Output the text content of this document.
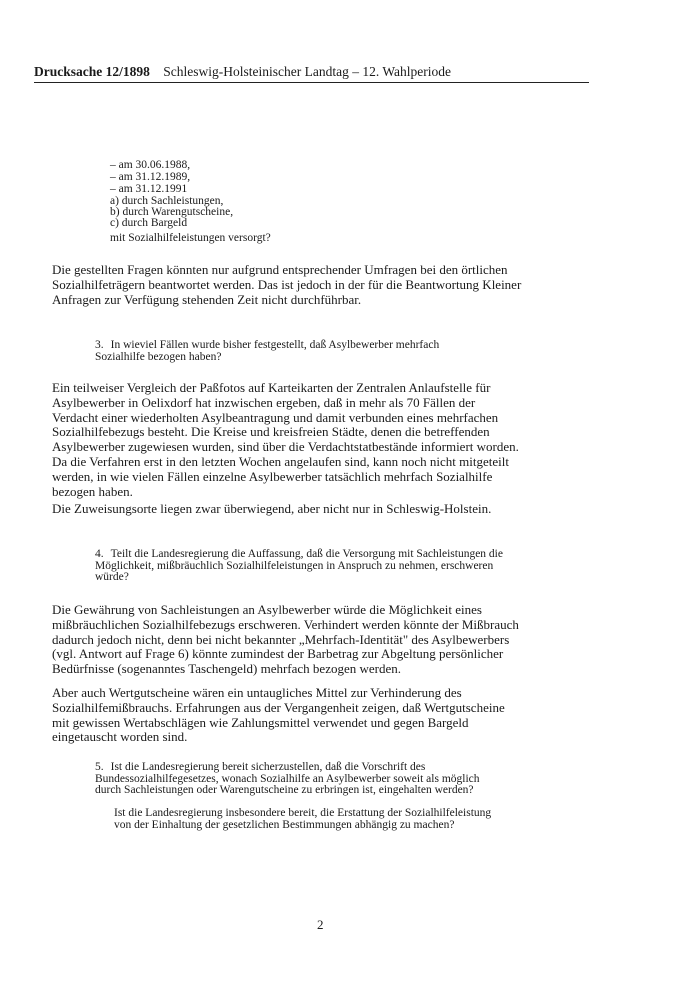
Drucksache 12/1898 Schleswig-Holsteinischer Landtag – 12. Wahlperiode
– am 30.06.1988,
– am 31.12.1989,
– am 31.12.1991
a) durch Sachleistungen,
b) durch Warengutscheine,
c) durch Bargeld
mit Sozialhilfeleistungen versorgt?

Die gestellten Fragen könnten nur aufgrund entsprechender Umfragen bei den örtlichen Sozialhilfeträgern beantwortet werden. Das ist jedoch in der für die Beantwortung Kleiner Anfragen zur Verfügung stehenden Zeit nicht durchführbar.

3. In wieviel Fällen wurde bisher festgestellt, daß Asylbewerber mehrfach Sozialhilfe bezogen haben?

Ein teilweiser Vergleich der Paßfotos auf Karteikarten der Zentralen Anlaufstelle für Asylbewerber in Oelixdorf hat inzwischen ergeben, daß in mehr als 70 Fällen der Verdacht einer wiederholten Asylbeantragung und damit verbunden eines mehrfachen Sozialhilfebezugs besteht. Die Kreise und kreisfreien Städte, denen die betreffenden Asylbewerber zugewiesen wurden, sind über die Verdachtstatbestände informiert worden. Da die Verfahren erst in den letzten Wochen angelaufen sind, kann noch nicht mitgeteilt werden, in wie vielen Fällen einzelne Asylbewerber tatsächlich mehrfach Sozialhilfe bezogen haben.

Die Zuweisungsorte liegen zwar überwiegend, aber nicht nur in Schleswig-Holstein.

4. Teilt die Landesregierung die Auffassung, daß die Versorgung mit Sachleistungen die Möglichkeit, mißbräuchlich Sozialhilfeleistungen in Anspruch zu nehmen, erschweren würde?

Die Gewährung von Sachleistungen an Asylbewerber würde die Möglichkeit eines mißbräuchlichen Sozialhilfebezugs erschweren. Verhindert werden könnte der Mißbrauch dadurch jedoch nicht, denn bei nicht bekannter „Mehrfach-Identität" des Asylbewerbers (vgl. Antwort auf Frage 6) könnte zumindest der Barbetrag zur Abgeltung persönlicher Bedürfnisse (sogenanntes Taschengeld) mehrfach bezogen werden.

Aber auch Wertgutscheine wären ein untaugliches Mittel zur Verhinderung des Sozialhilfemißbrauchs. Erfahrungen aus der Vergangenheit zeigen, daß Wertgutscheine mit gewissen Wertabschlägen wie Zahlungsmittel verwendet und gegen Bargeld eingetauscht worden sind.

5. Ist die Landesregierung bereit sicherzustellen, daß die Vorschrift des Bundessozialhilfegesetzes, wonach Sozialhilfe an Asylbewerber soweit als möglich durch Sachleistungen oder Warengutscheine zu erbringen ist, eingehalten werden?

Ist die Landesregierung insbesondere bereit, die Erstattung der Sozialhilfeleistung von der Einhaltung der gesetzlichen Bestimmungen abhängig zu machen?

2
